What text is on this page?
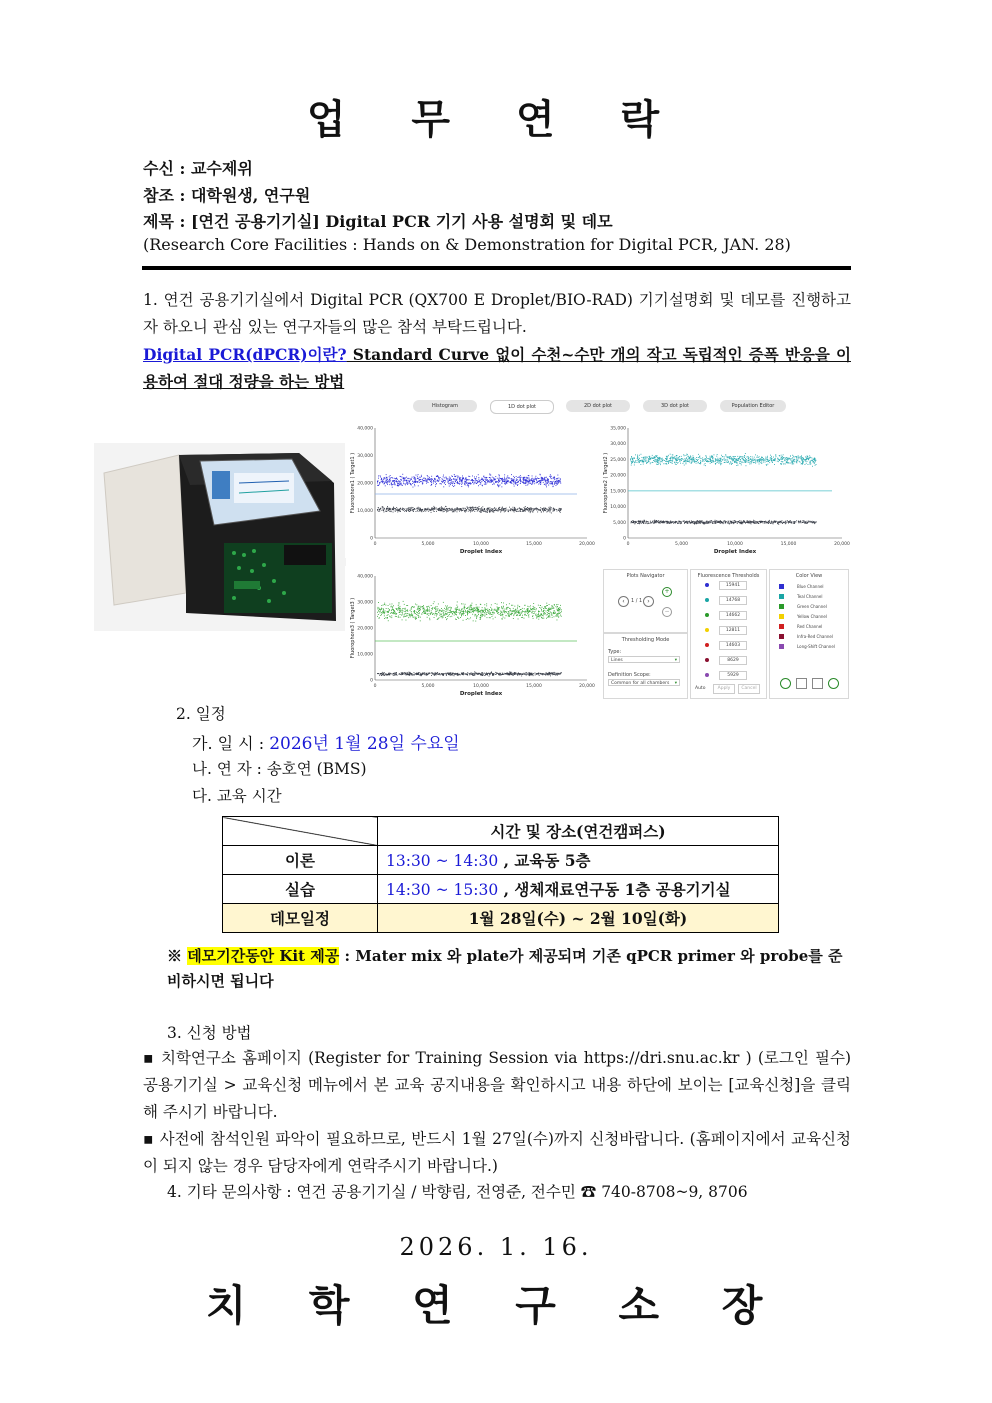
업 무 연 락
수신 : 교수제위
참조 : 대학원생, 연구원
제목 : [연건 공용기기실] Digital PCR 기기 사용 설명회 및 데모
(Research Core Facilities : Hands on & Demonstration for Digital PCR, JAN. 28)
1. 연건 공용기기실에서 Digital PCR (QX700 E Droplet/BIO-RAD) 기기설명회 및 데모를 진행하고자 하오니 관심 있는 연구자들의 많은 참석 부탁드립니다.
Digital PCR(dPCR)이란? Standard Curve 없이 수천~수만 개의 작고 독립적인 증폭 반응을 이용하여 절대 정량을 하는 방법
Histogram	1D dot plot	2D dot plot	3D dot plot	Population Editor
40,000
30,000
20,000
10,000
0
0	5,000	10,000	15,000	20,000
Droplet Index
Fluorophore1 ( Target1 )
35,000
30,000
25,000
20,000
15,000
10,000
5,000
0
0	5,000	10,000	15,000	20,000
Droplet Index
Fluorophore2 ( Target2 )
40,000
30,000
20,000
10,000
0
0	5,000	10,000	15,000	20,000
Droplet Index
Fluorophore3 ( Target3 )
Plots Navigator
‹	1 / 1 ›
+
−
Thresholding Mode
Type:
Lines	▾
Definition Scope:
Common for all chambers ▾
Fluorescence Thresholds
15941
14768
14662
12811
14603
8629
5929
Auto	Apply	Cancel
Color View
Blue Channel
Teal Channel
Green Channel
Yellow Channel
Red Channel
Infra-Red Channel
Long-Shift Channel
2. 일정
가. 일 시 : 2026년 1월 28일 수요일
나. 연 자 : 송호연 (BMS)
다. 교육 시간
	시간 및 장소(연건캠퍼스)
이론	13:30 ~ 14:30 , 교육동 5층
실습	14:30 ~ 15:30 , 생체재료연구동 1층 공용기기실
데모일정	1월 28일(수) ~ 2월 10일(화)
※ 데모기간동안 Kit 제공 : Mater mix 와 plate가 제공되며 기존 qPCR primer 와 probe를 준비하시면 됩니다
3. 신청 방법
▪ 치학연구소 홈페이지 (Register for Training Session via https://dri.snu.ac.kr ) (로그인 필수) 공용기기실 > 교육신청 메뉴에서 본 교육 공지내용을 확인하시고 내용 하단에 보이는 [교육신청]을 클릭해 주시기 바랍니다.
▪ 사전에 참석인원 파악이 필요하므로, 반드시 1월 27일(수)까지 신청바랍니다. (홈페이지에서 교육신청이 되지 않는 경우 담당자에게 연락주시기 바랍니다.)
4. 기타 문의사항 : 연건 공용기기실 / 박향림, 전영준, 전수민 ☎ 740-8708~9, 8706
2026. 1. 16.
치 학 연 구 소 장
